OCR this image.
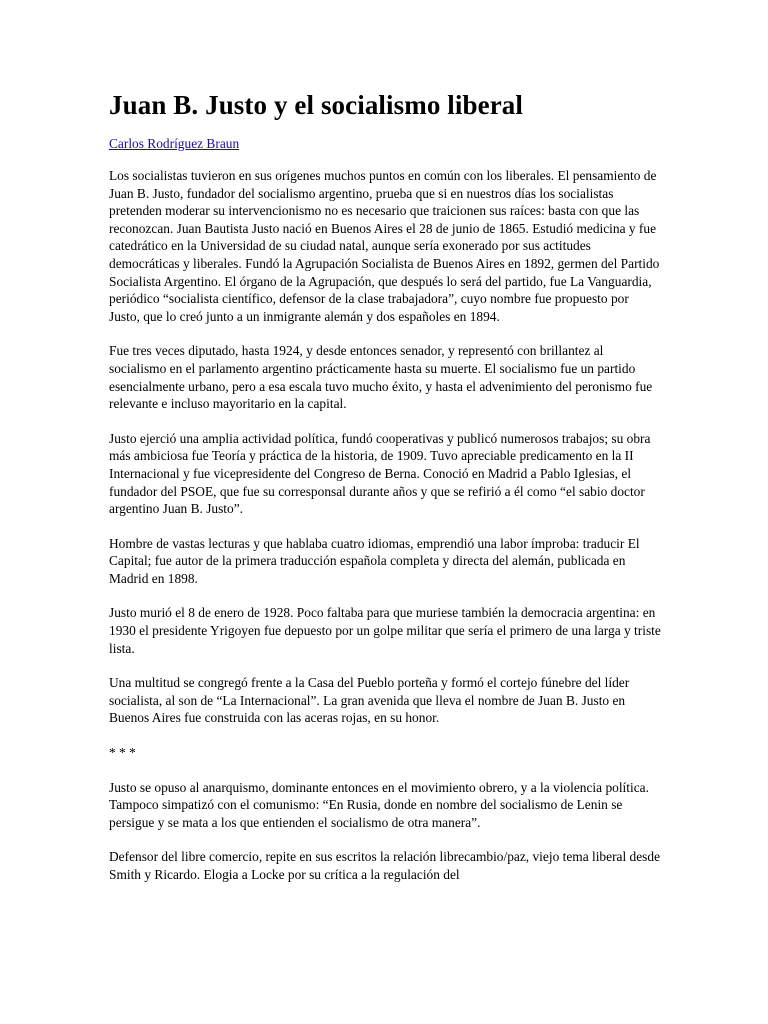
Juan B. Justo y el socialismo liberal
Carlos Rodríguez Braun

Los socialistas tuvieron en sus orígenes muchos puntos en común con los liberales. El pensamiento de Juan B. Justo, fundador del socialismo argentino, prueba que si en nuestros días los socialistas pretenden moderar su intervencionismo no es necesario que traicionen sus raíces: basta con que las reconozcan. Juan Bautista Justo nació en Buenos Aires el 28 de junio de 1865. Estudió medicina y fue catedrático en la Universidad de su ciudad natal, aunque sería exonerado por sus actitudes democráticas y liberales. Fundó la Agrupación Socialista de Buenos Aires en 1892, germen del Partido Socialista Argentino. El órgano de la Agrupación, que después lo será del partido, fue La Vanguardia, periódico “socialista científico, defensor de la clase trabajadora”, cuyo nombre fue propuesto por Justo, que lo creó junto a un inmigrante alemán y dos españoles en 1894.

Fue tres veces diputado, hasta 1924, y desde entonces senador, y representó con brillantez al socialismo en el parlamento argentino prácticamente hasta su muerte. El socialismo fue un partido esencialmente urbano, pero a esa escala tuvo mucho éxito, y hasta el advenimiento del peronismo fue relevante e incluso mayoritario en la capital.

Justo ejerció una amplia actividad política, fundó cooperativas y publicó numerosos trabajos; su obra más ambiciosa fue Teoría y práctica de la historia, de 1909. Tuvo apreciable predicamento en la II Internacional y fue vicepresidente del Congreso de Berna. Conoció en Madrid a Pablo Iglesias, el fundador del PSOE, que fue su corresponsal durante años y que se refirió a él como “el sabio doctor argentino Juan B. Justo”.

Hombre de vastas lecturas y que hablaba cuatro idiomas, emprendió una labor ímproba: traducir El Capital; fue autor de la primera traducción española completa y directa del alemán, publicada en Madrid en 1898.

Justo murió el 8 de enero de 1928. Poco faltaba para que muriese también la democracia argentina: en 1930 el presidente Yrigoyen fue depuesto por un golpe militar que sería el primero de una larga y triste lista.

Una multitud se congregó frente a la Casa del Pueblo porteña y formó el cortejo fúnebre del líder socialista, al son de “La Internacional”. La gran avenida que lleva el nombre de Juan B. Justo en Buenos Aires fue construida con las aceras rojas, en su honor.

* * *

Justo se opuso al anarquismo, dominante entonces en el movimiento obrero, y a la violencia política. Tampoco simpatizó con el comunismo: “En Rusia, donde en nombre del socialismo de Lenin se persigue y se mata a los que entienden el socialismo de otra manera”.

Defensor del libre comercio, repite en sus escritos la relación librecambio/paz, viejo tema liberal desde Smith y Ricardo. Elogia a Locke por su crítica a la regulación del
